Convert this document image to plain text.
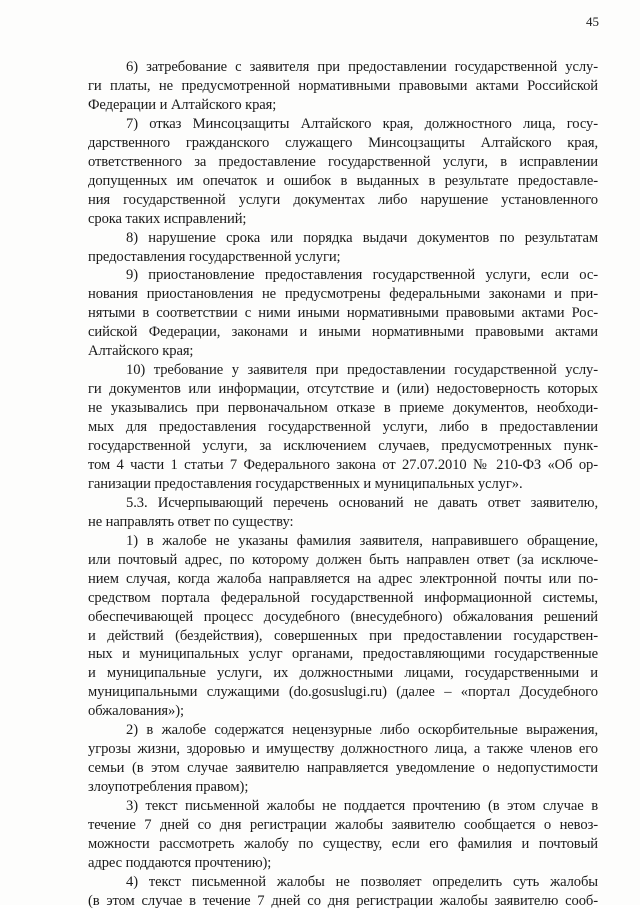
45
6) затребование с заявителя при предоставлении государственной услу-
ги платы, не предусмотренной нормативными правовыми актами Российской
Федерации и Алтайского края;
7) отказ Минсоцзащиты Алтайского края, должностного лица, госу-
дарственного гражданского служащего Минсоцзащиты Алтайского края,
ответственного за предоставление государственной услуги, в исправлении
допущенных им опечаток и ошибок в выданных в результате предоставле-
ния государственной услуги документах либо нарушение установленного
срока таких исправлений;
8) нарушение срока или порядка выдачи документов по результатам
предоставления государственной услуги;
9) приостановление предоставления государственной услуги, если ос-
нования приостановления не предусмотрены федеральными законами и при-
нятыми в соответствии с ними иными нормативными правовыми актами Рос-
сийской Федерации, законами и иными нормативными правовыми актами
Алтайского края;
10) требование у заявителя при предоставлении государственной услу-
ги документов или информации, отсутствие и (или) недостоверность которых
не указывались при первоначальном отказе в приеме документов, необходи-
мых для предоставления государственной услуги, либо в предоставлении
государственной услуги, за исключением случаев, предусмотренных пунк-
том 4 части 1 статьи 7 Федерального закона от 27.07.2010 № 210-ФЗ «Об ор-
ганизации предоставления государственных и муниципальных услуг».
5.3. Исчерпывающий перечень оснований не давать ответ заявителю,
не направлять ответ по существу:
1) в жалобе не указаны фамилия заявителя, направившего обращение,
или почтовый адрес, по которому должен быть направлен ответ (за исключе-
нием случая, когда жалоба направляется на адрес электронной почты или по-
средством портала федеральной государственной информационной системы,
обеспечивающей процесс досудебного (внесудебного) обжалования решений
и действий (бездействия), совершенных при предоставлении государствен-
ных и муниципальных услуг органами, предоставляющими государственные
и муниципальные услуги, их должностными лицами, государственными и
муниципальными служащими (do.gosuslugi.ru) (далее – «портал Досудебного
обжалования»);
2) в жалобе содержатся нецензурные либо оскорбительные выражения,
угрозы жизни, здоровью и имуществу должностного лица, а также членов его
семьи (в этом случае заявителю направляется уведомление о недопустимости
злоупотребления правом);
3) текст письменной жалобы не поддается прочтению (в этом случае в
течение 7 дней со дня регистрации жалобы заявителю сообщается о невоз-
можности рассмотреть жалобу по существу, если его фамилия и почтовый
адрес поддаются прочтению);
4) текст письменной жалобы не позволяет определить суть жалобы
(в этом случае в течение 7 дней со дня регистрации жалобы заявителю сооб-
